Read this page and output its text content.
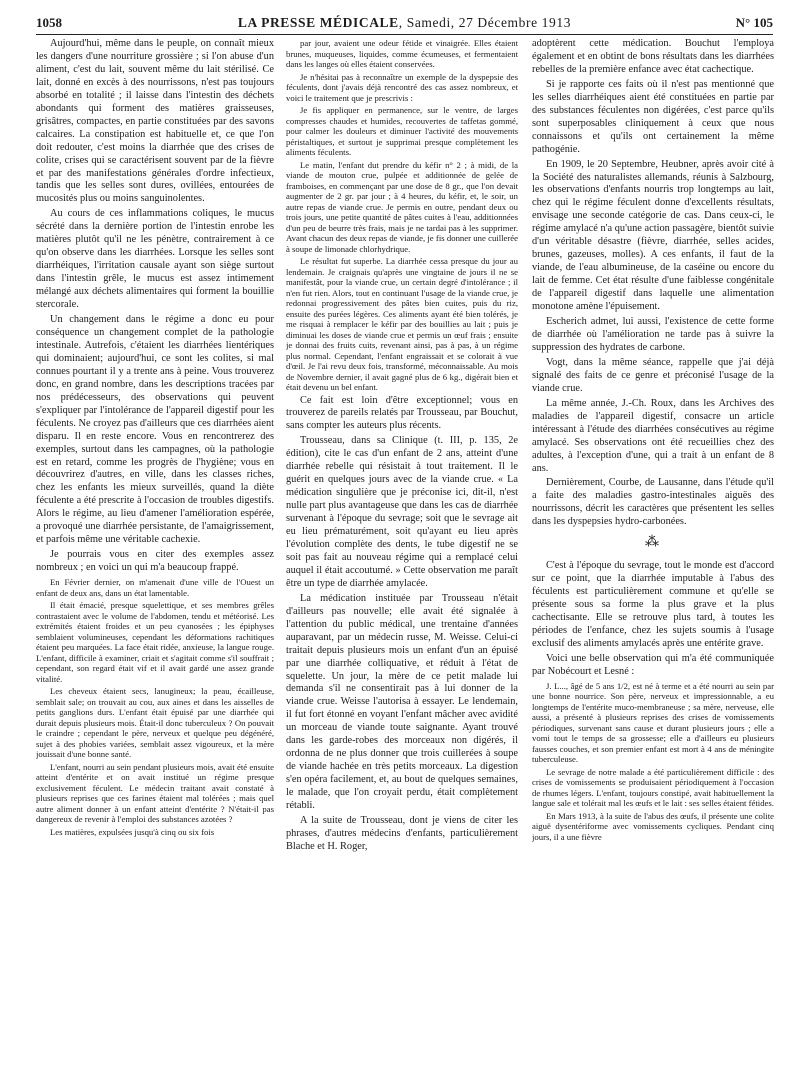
1058	LA PRESSE MÉDICALE, Samedi, 27 Décembre 1913	N° 105

Aujourd'hui, même dans le peuple, on connaît mieux les dangers d'une nourriture grossière ; si l'on abuse d'un aliment, c'est du lait, souvent même du lait stérilisé. Ce lait, donné en excès à des nourrissons, n'est pas toujours absorbé en totalité ; il laisse dans l'intestin des déchets abondants qui forment des matières graisseuses, grisâtres, compactes, en partie constituées par des savons calcaires. La constipation est habituelle et, ce que l'on doit redouter, c'est moins la diarrhée que des crises de colite, crises qui se caractérisent souvent par de la fièvre et par des manifestations générales d'ordre infectieux, tandis que les selles sont dures, ovillées, entourées de mucosités plus ou moins sanguinolentes.

Au cours de ces inflammations coliques, le mucus sécrété dans la dernière portion de l'intestin enrobe les matières plutôt qu'il ne les pénètre, contrairement à ce qu'on observe dans les diarrhées. Lorsque les selles sont diarrhéiques, l'irritation causale ayant son siège surtout dans l'intestin grêle, le mucus est assez intimement mélangé aux déchets alimentaires qui forment la bouillie stercorale.

Un changement dans le régime a donc eu pour conséquence un changement complet de la pathologie intestinale. Autrefois, c'étaient les diarrhées lientériques qui dominaient; aujourd'hui, ce sont les colites, si mal connues pourtant il y a trente ans à peine. Vous trouverez donc, en grand nombre, dans les descriptions tracées par nos prédécesseurs, des observations qui peuvent s'expliquer par l'intolérance de l'appareil digestif pour les féculents. Ne croyez pas d'ailleurs que ces diarrhées aient disparu. Il en reste encore. Vous en rencontrerez des exemples, surtout dans les campagnes, où la pathologie est en retard, comme les progrès de l'hygiène; vous en découvrirez d'autres, en ville, dans les classes riches, chez les enfants les mieux surveillés, quand la diète féculente a été prescrite à l'occasion de troubles digestifs. Alors le régime, au lieu d'amener l'amélioration espérée, a provoqué une diarrhée persistante, de l'amaigrissement, et parfois même une véritable cachexie.

Je pourrais vous en citer des exemples assez nombreux ; en voici un qui m'a beaucoup frappé.

En Février dernier, on m'amenait d'une ville de l'Ouest un enfant de deux ans, dans un état lamentable.

Il était émacié, presque squelettique, et ses membres grêles contrastaient avec le volume de l'abdomen, tendu et météorisé. Les extrémités étaient froides et un peu cyanosées ; les épiphyses semblaient volumineuses, cependant les déformations rachitiques étaient peu marquées. La face était ridée, anxieuse, la langue rouge. L'enfant, difficile à examiner, criait et s'agitait comme s'il souffrait ; cependant, son regard était vif et il avait gardé une assez grande vitalité.

Les cheveux étaient secs, lanugineux; la peau, écailleuse, semblait sale; on trouvait au cou, aux aines et dans les aisselles de petits ganglions durs. L'enfant était épuisé par une diarrhée qui durait depuis plusieurs mois. Était-il donc tuberculeux ? On pouvait le craindre ; cependant le père, nerveux et quelque peu dégénéré, sujet à des phobies variées, semblait assez vigoureux, et la mère jouissait d'une bonne santé.

L'enfant, nourri au sein pendant plusieurs mois, avait été ensuite atteint d'entérite et on avait institué un régime presque exclusivement féculent. Le médecin traitant avait constaté à plusieurs reprises que ces farines étaient mal tolérées ; mais quel autre aliment donner à un enfant atteint d'entérite ? N'était-il pas dangereux de revenir à l'emploi des substances azotées ?

Les matières, expulsées jusqu'à cinq ou six fois

par jour, avaient une odeur fétide et vinaigrée. Elles étaient brunes, muqueuses, liquides, comme écumeuses, et fermentaient dans les langes où elles étaient conservées.

Je n'hésitai pas à reconnaître un exemple de la dyspepsie des féculents, dont j'avais déjà rencontré des cas assez nombreux, et voici le traitement que je prescrivis :

Je fis appliquer en permanence, sur le ventre, de larges compresses chaudes et humides, recouvertes de taffetas gommé, pour calmer les douleurs et diminuer l'activité des mouvements péristaltiques, et surtout je supprimai presque complètement les aliments féculents.

Le matin, l'enfant dut prendre du kéfir n° 2 ; à midi, de la viande de mouton crue, pulpée et additionnée de gelée de framboises, en commençant par une dose de 8 gr., que l'on devait augmenter de 2 gr. par jour ; à 4 heures, du kéfir, et, le soir, un autre repas de viande crue. Je permis en outre, pendant deux ou trois jours, une petite quantité de pâtes cuites à l'eau, additionnées d'un peu de beurre très frais, mais je ne tardai pas à les supprimer. Avant chacun des deux repas de viande, je fis donner une cuillerée à soupe de limonade chlorhydrique.

Le résultat fut superbe. La diarrhée cessa presque du jour au lendemain. Je craignais qu'après une vingtaine de jours il ne se manifestât, pour la viande crue, un certain degré d'intolérance ; il n'en fut rien. Alors, tout en continuant l'usage de la viande crue, je redonnai progressivement des pâtes bien cuites, puis du riz, ensuite des purées légères. Ces aliments ayant été bien tolérés, je me risquai à remplacer le kéfir par des bouillies au lait ; puis je diminuai les doses de viande crue et permis un œuf frais ; ensuite je donnai des fruits cuits, revenant ainsi, pas à pas, à un régime plus normal. Cependant, l'enfant engraissait et se colorait à vue d'œil. Je l'ai revu deux fois, transformé, méconnaissable. Au mois de Novembre dernier, il avait gagné plus de 6 kg., digérait bien et était devenu un bel enfant.

Ce fait est loin d'être exceptionnel; vous en trouverez de pareils relatés par Trousseau, par Bouchut, sans compter les auteurs plus récents.

Trousseau, dans sa Clinique (t. III, p. 135, 2e édition), cite le cas d'un enfant de 2 ans, atteint d'une diarrhée rebelle qui résistait à tout traitement. Il le guérit en quelques jours avec de la viande crue. « La médication singulière que je préconise ici, dit-il, n'est nulle part plus avantageuse que dans les cas de diarrhée survenant à l'époque du sevrage; soit que le sevrage ait eu lieu prématurément, soit qu'ayant eu lieu après l'évolution complète des dents, le tube digestif ne se soit pas fait au nouveau régime qui a remplacé celui auquel il était accoutumé. » Cette observation me paraît être un type de diarrhée amylacée.

La médication instituée par Trousseau n'était d'ailleurs pas nouvelle; elle avait été signalée à l'attention du public médical, une trentaine d'années auparavant, par un médecin russe, M. Weisse. Celui-ci traitait depuis plusieurs mois un enfant d'un an épuisé par une diarrhée colliquative, et réduit à l'état de squelette. Un jour, la mère de ce petit malade lui demanda s'il ne consentirait pas à lui donner de la viande crue. Weisse l'autorisa à essayer. Le lendemain, il fut fort étonné en voyant l'enfant mâcher avec avidité un morceau de viande toute saignante. Ayant trouvé dans les garde-robes des morceaux non digérés, il ordonna de ne plus donner que trois cuillerées à soupe de viande hachée en très petits morceaux. La digestion s'en opéra facilement, et, au bout de quelques semaines, le malade, que l'on croyait perdu, était complètement rétabli.

A la suite de Trousseau, dont je viens de citer les phrases, d'autres médecins d'enfants, particulièrement Blache et H. Roger,

adoptèrent cette médication. Bouchut l'employa également et en obtint de bons résultats dans les diarrhées rebelles de la première enfance avec état cachectique.

Si je rapporte ces faits où il n'est pas mentionné que les selles diarrhéiques aient été constituées en partie par des substances féculentes non digérées, c'est parce qu'ils sont superposables cliniquement à ceux que nous connaissons et qu'ils ont certainement la même pathogénie.

En 1909, le 20 Septembre, Heubner, après avoir cité à la Société des naturalistes allemands, réunis à Salzbourg, les observations d'enfants nourris trop longtemps au lait, chez qui le régime féculent donne d'excellents résultats, envisage une seconde catégorie de cas. Dans ceux-ci, le régime amylacé n'a qu'une action passagère, bientôt suivie d'un véritable désastre (fièvre, diarrhée, selles acides, brunes, gazeuses, molles). A ces enfants, il faut de la viande, de l'eau albumineuse, de la caséine ou encore du lait de femme. Cet état résulte d'une faiblesse congénitale de l'appareil digestif dans laquelle une alimentation monotone amène l'épuisement.

Escherich admet, lui aussi, l'existence de cette forme de diarrhée où l'amélioration ne tarde pas à suivre la suppression des hydrates de carbone.

Vogt, dans la même séance, rappelle que j'ai déjà signalé des faits de ce genre et préconisé l'usage de la viande crue.

La même année, J.-Ch. Roux, dans les Archives des maladies de l'appareil digestif, consacre un article intéressant à l'étude des diarrhées consécutives au régime amylacé. Ses observations ont été recueillies chez des adultes, à l'exception d'une, qui a trait à un enfant de 8 ans.

Dernièrement, Courbe, de Lausanne, dans l'étude qu'il a faite des maladies gastro-intestinales aiguës des nourrissons, décrit les caractères que présentent les selles dans les dyspepsies hydro-carbonées.

⁂

C'est à l'époque du sevrage, tout le monde est d'accord sur ce point, que la diarrhée imputable à l'abus des féculents est particulièrement commune et qu'elle se présente sous sa forme la plus grave et la plus cachectisante. Elle se retrouve plus tard, à toutes les périodes de l'enfance, chez les sujets soumis à l'usage exclusif des aliments amylacés après une entérite grave.

Voici une belle observation qui m'a été communiquée par Nobécourt et Lesné :

J. L..., âgé de 5 ans 1/2, est né à terme et a été nourri au sein par une bonne nourrice. Son père, nerveux et impressionnable, a eu longtemps de l'entérite muco-membraneuse ; sa mère, nerveuse, elle aussi, a présenté à plusieurs reprises des crises de vomissements périodiques, survenant sans cause et durant plusieurs jours ; elle a vomi tout le temps de sa grossesse; elle a d'ailleurs eu plusieurs fausses couches, et son premier enfant est mort à 4 ans de méningite tuberculeuse.

Le sevrage de notre malade a été particulièrement difficile : des crises de vomissements se produisaient périodiquement à l'occasion de rhumes légers. L'enfant, toujours constipé, avait habituellement la langue sale et tolérait mal les œufs et le lait : ses selles étaient fétides.

En Mars 1913, à la suite de l'abus des œufs, il présente une colite aiguë dysentériforme avec vomissements cycliques. Pendant cinq jours, il a une fièvre
